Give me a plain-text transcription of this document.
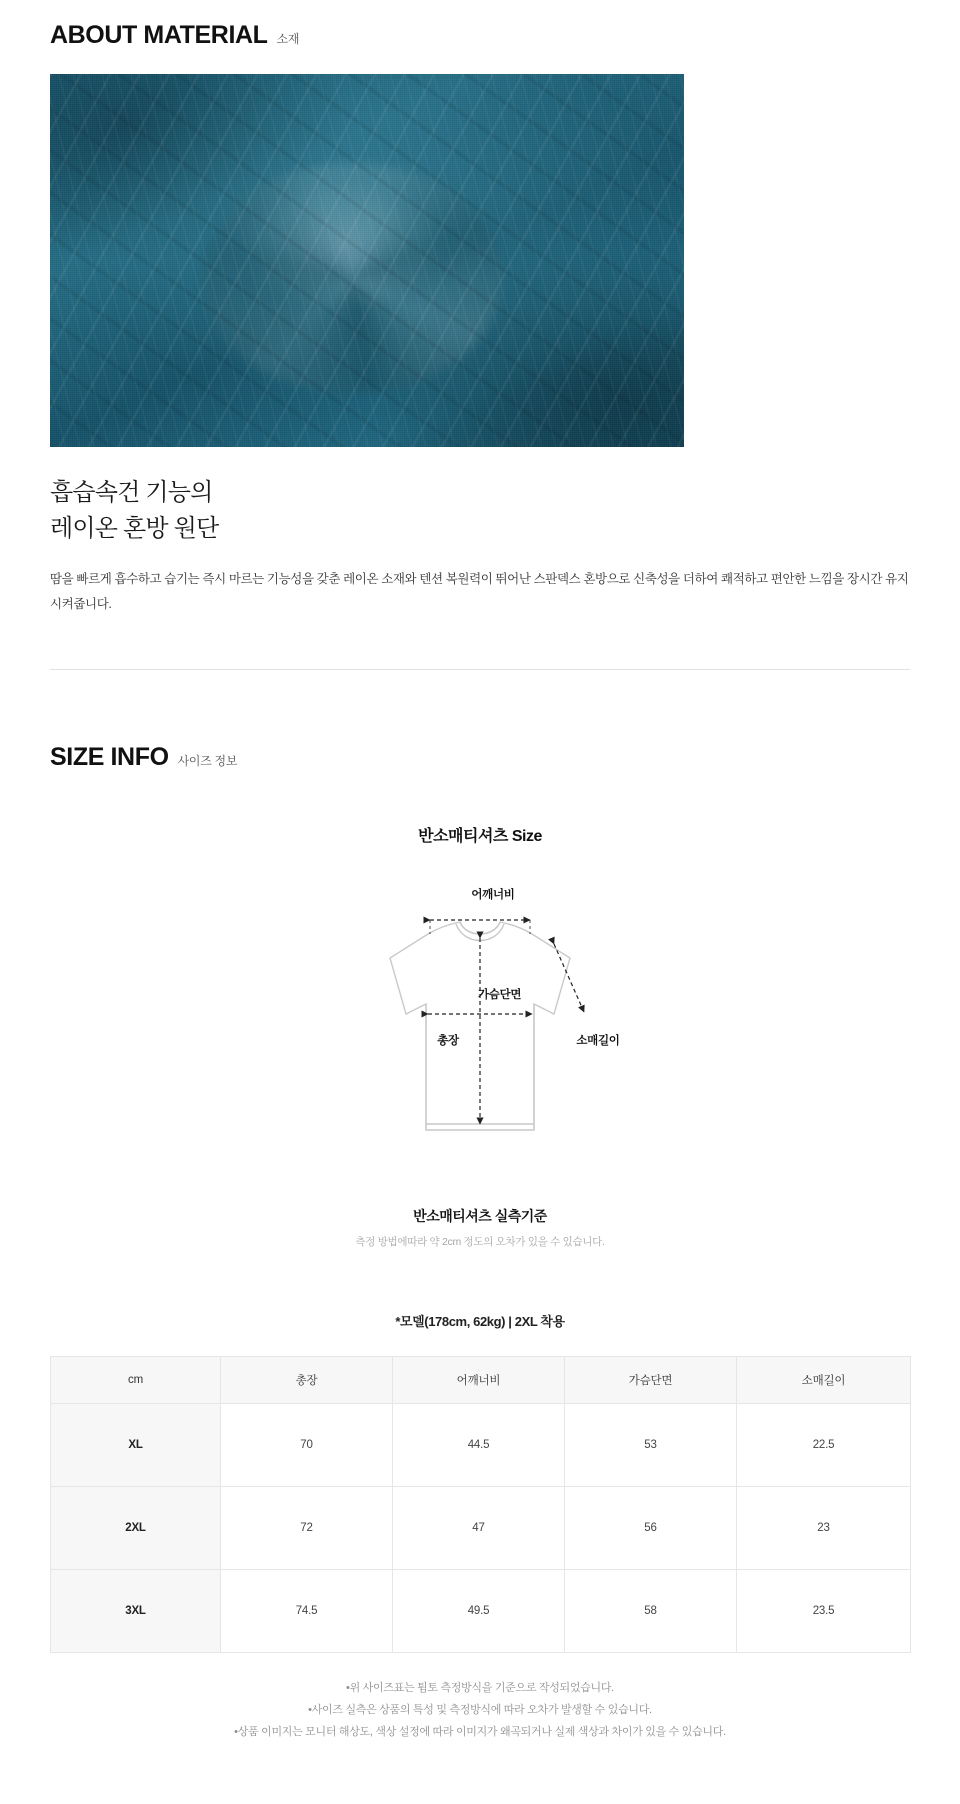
ABOUT MATERIAL 소재
흡습속건 기능의
레이온 혼방 원단

땀을 빠르게 흡수하고 습기는 즉시 마르는 기능성을 갖춘 레이온 소재와 텐션 복원력이 뛰어난 스판덱스 혼방으로 신축성을 더하여 쾌적하고 편안한 느낌을 장시간 유지시켜줍니다.

SIZE INFO 사이즈 정보
반소매티셔츠 Size
어깨너비
가슴단면
총장	소매길이
반소매티셔츠 실측기준
측정 방법에따라 약 2cm 정도의 오차가 있을 수 있습니다.
*모델(178cm, 62kg) | 2XL 착용
cm	총장	어깨너비	가슴단면	소매길이
XL	70	44.5	53	22.5
2XL	72	47	56	23
3XL	74.5	49.5	58	23.5
•위 사이즈표는 튐토 측정방식을 기준으로 작성되었습니다.
•사이즈 실측은 상품의 특성 및 측정방식에 따라 오차가 발생할 수 있습니다.
•상품 이미지는 모니터 해상도, 색상 설정에 따라 이미지가 왜곡되거나 실제 색상과 차이가 있을 수 있습니다.
